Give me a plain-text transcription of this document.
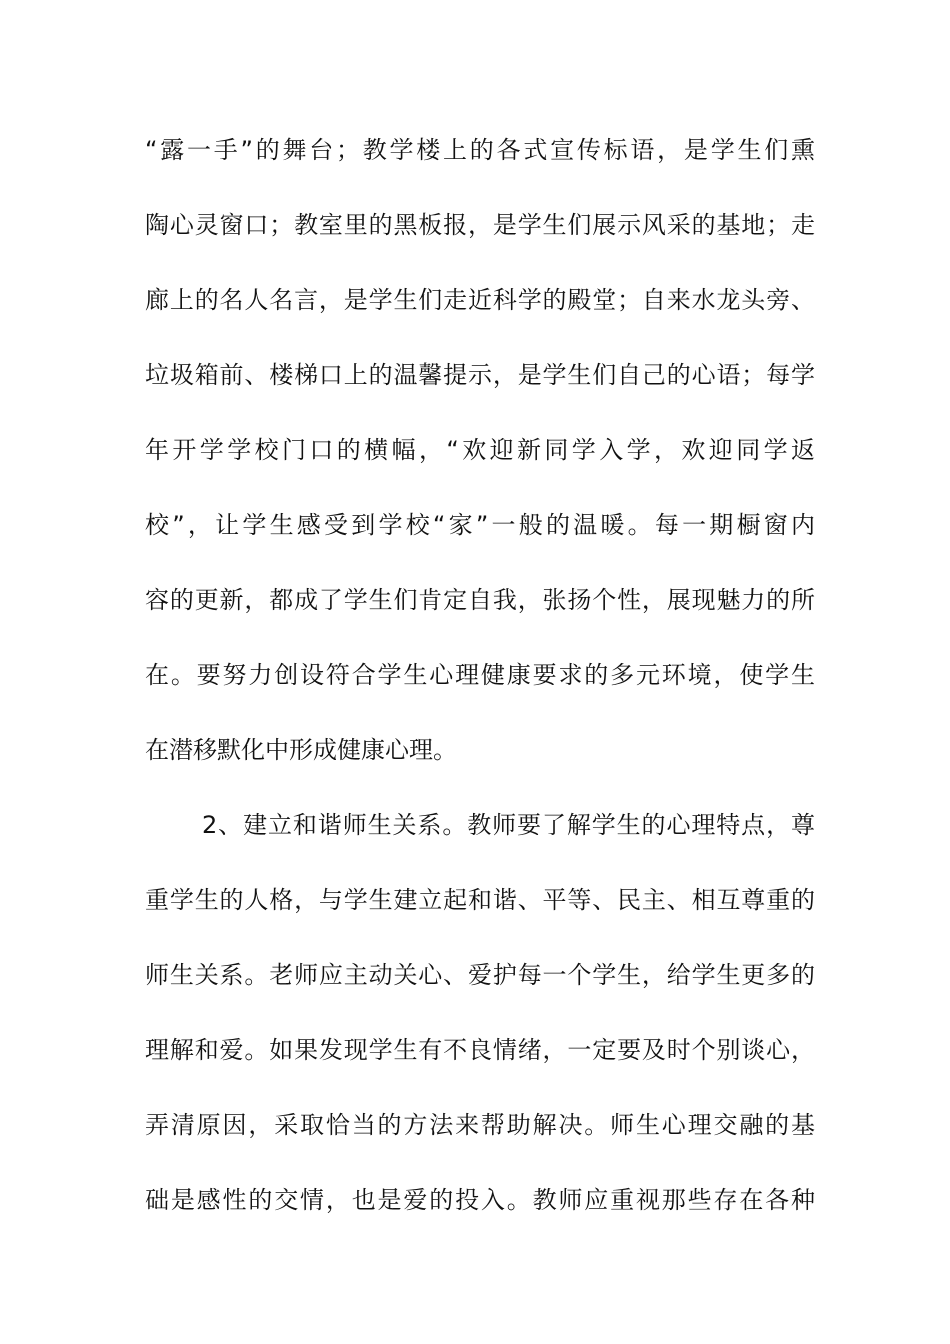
“露一手”的舞台；教学楼上的各式宣传标语，是学生们熏
陶心灵窗口；教室里的黑板报，是学生们展示风采的基地；走
廊上的名人名言，是学生们走近科学的殿堂；自来水龙头旁、
垃圾箱前、楼梯口上的温馨提示，是学生们自己的心语；每学
年开学学校门口的横幅，“欢迎新同学入学，欢迎同学返
校”，让学生感受到学校“家”一般的温暖。每一期橱窗内
容的更新，都成了学生们肯定自我，张扬个性，展现魅力的所
在。要努力创设符合学生心理健康要求的多元环境，使学生
在潜移默化中形成健康心理。
2、建立和谐师生关系。教师要了解学生的心理特点，尊
重学生的人格，与学生建立起和谐、平等、民主、相互尊重的
师生关系。老师应主动关心、爱护每一个学生，给学生更多的
理解和爱。如果发现学生有不良情绪，一定要及时个别谈心，
弄清原因，采取恰当的方法来帮助解决。师生心理交融的基
础是感性的交情，也是爱的投入。教师应重视那些存在各种
